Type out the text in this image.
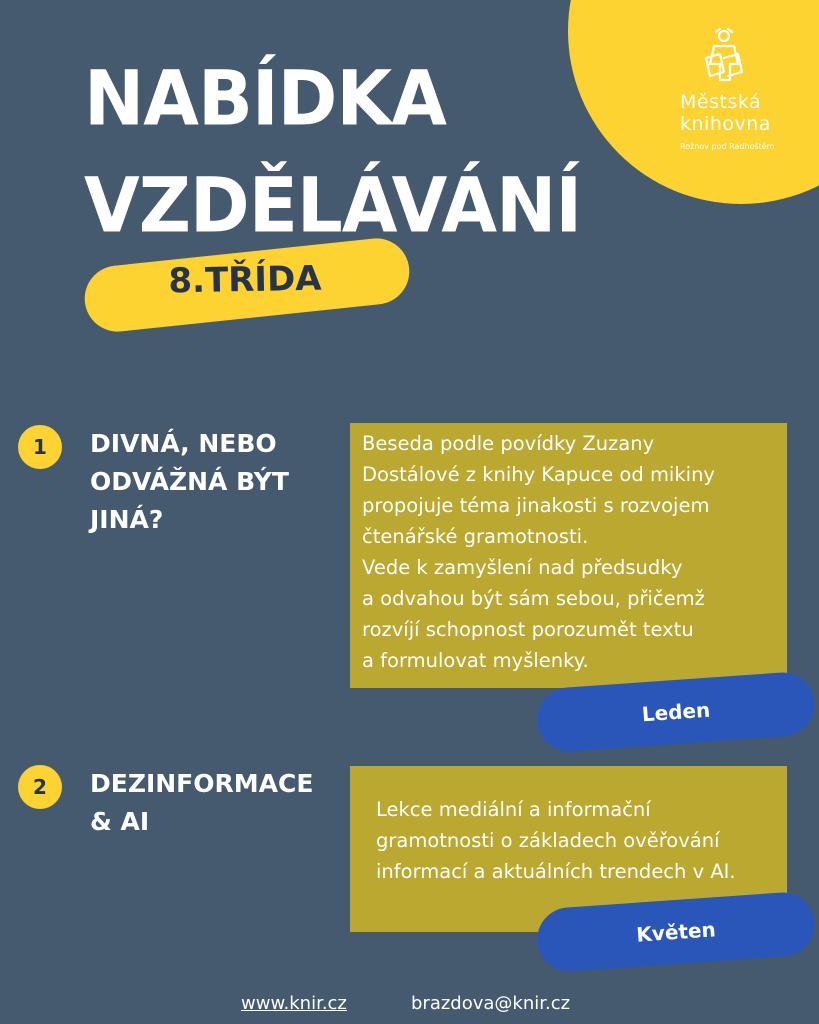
Městská
knihovna
Rožnov pod Radhoštěm
NABÍDKA
VZDĚLÁVÁNÍ
8.TŘÍDA
1	DIVNÁ, NEBO
ODVÁŽNÁ BÝT
JINÁ?
Beseda podle povídky Zuzany
Dostálové z knihy Kapuce od mikiny
propojuje téma jinakosti s rozvojem
čtenářské gramotnosti.
Vede k zamyšlení nad předsudky
a odvahou být sám sebou, přičemž
rozvíjí schopnost porozumět textu
a formulovat myšlenky.
Leden
2	DEZINFORMACE
& AI	Lekce mediální a informační
gramotnosti o základech ověřování
informací a aktuálních trendech v AI.
Květen
www.knir.cz	brazdova@knir.cz
